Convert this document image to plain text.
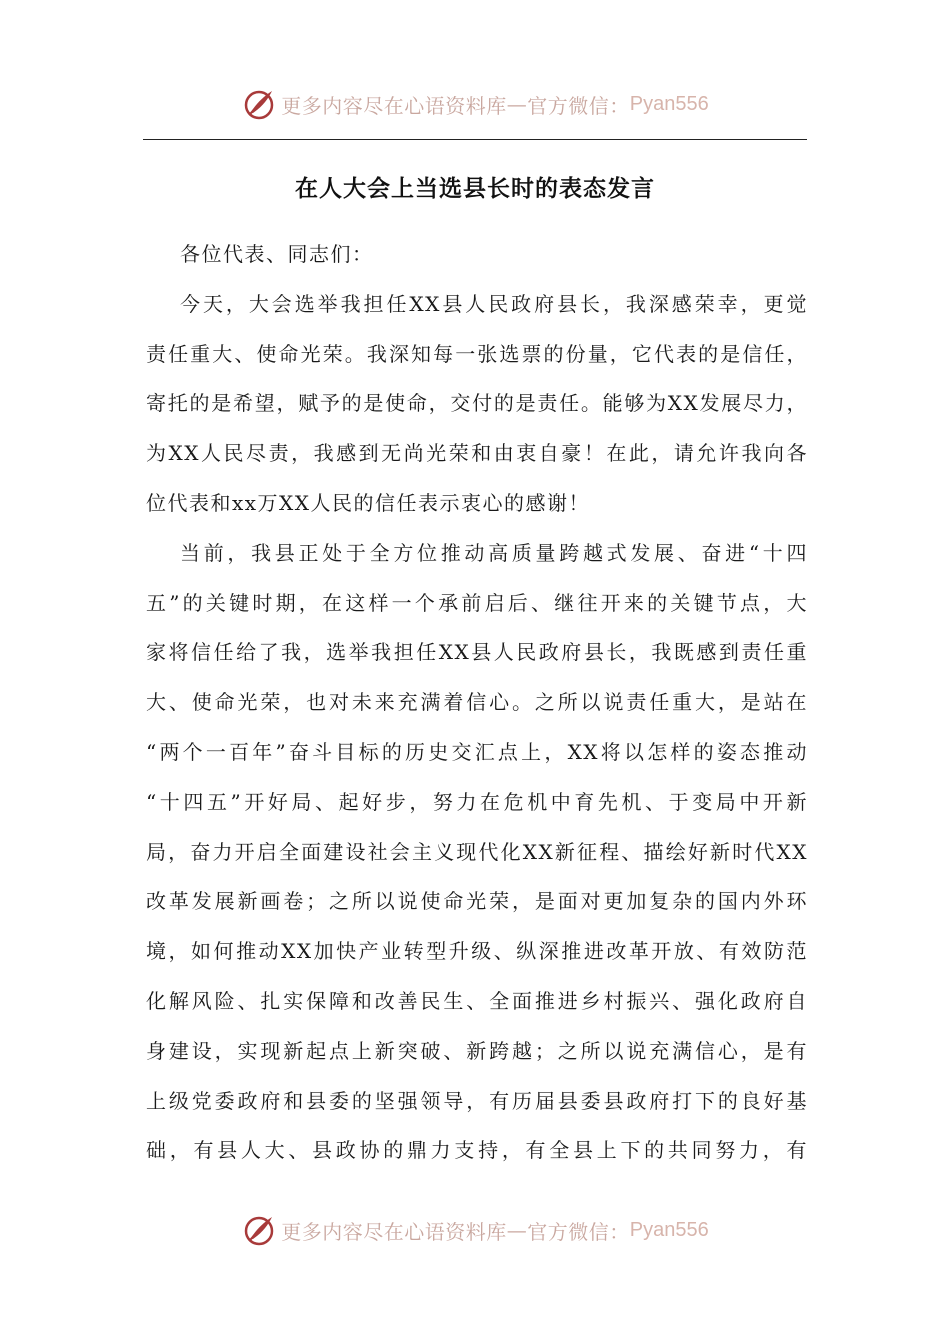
更多内容尽在心语资料库 — 官方微信： Pyan556
在人大会上当选县长时的表态发言
各位代表、同志们：
今天，大会选举我担任XX县人民政府县长，我深感荣幸，更觉
责任重大、使命光荣。我深知每一张选票的份量，它代表的是信任，
寄托的是希望，赋予的是使命，交付的是责任。能够为XX发展尽力，
为XX人民尽责，我感到无尚光荣和由衷自豪！在此，请允许我向各
位代表和xx万XX人民的信任表示衷心的感谢！
当前，我县正处于全方位推动高质量跨越式发展、奋进“十四
五”的关键时期，在这样一个承前启后、继往开来的关键节点，大
家将信任给了我，选举我担任XX县人民政府县长，我既感到责任重
大、使命光荣，也对未来充满着信心。之所以说责任重大，是站在
“两个一百年”奋斗目标的历史交汇点上，XX将以怎样的姿态推动
“十四五”开好局、起好步，努力在危机中育先机、于变局中开新
局，奋力开启全面建设社会主义现代化XX新征程、描绘好新时代XX
改革发展新画卷；之所以说使命光荣，是面对更加复杂的国内外环
境，如何推动XX加快产业转型升级、纵深推进改革开放、有效防范
化解风险、扎实保障和改善民生、全面推进乡村振兴、强化政府自
身建设，实现新起点上新突破、新跨越；之所以说充满信心，是有
上级党委政府和县委的坚强领导，有历届县委县政府打下的良好基
础，有县人大、县政协的鼎力支持，有全县上下的共同努力，有
更多内容尽在心语资料库 — 官方微信： Pyan556
